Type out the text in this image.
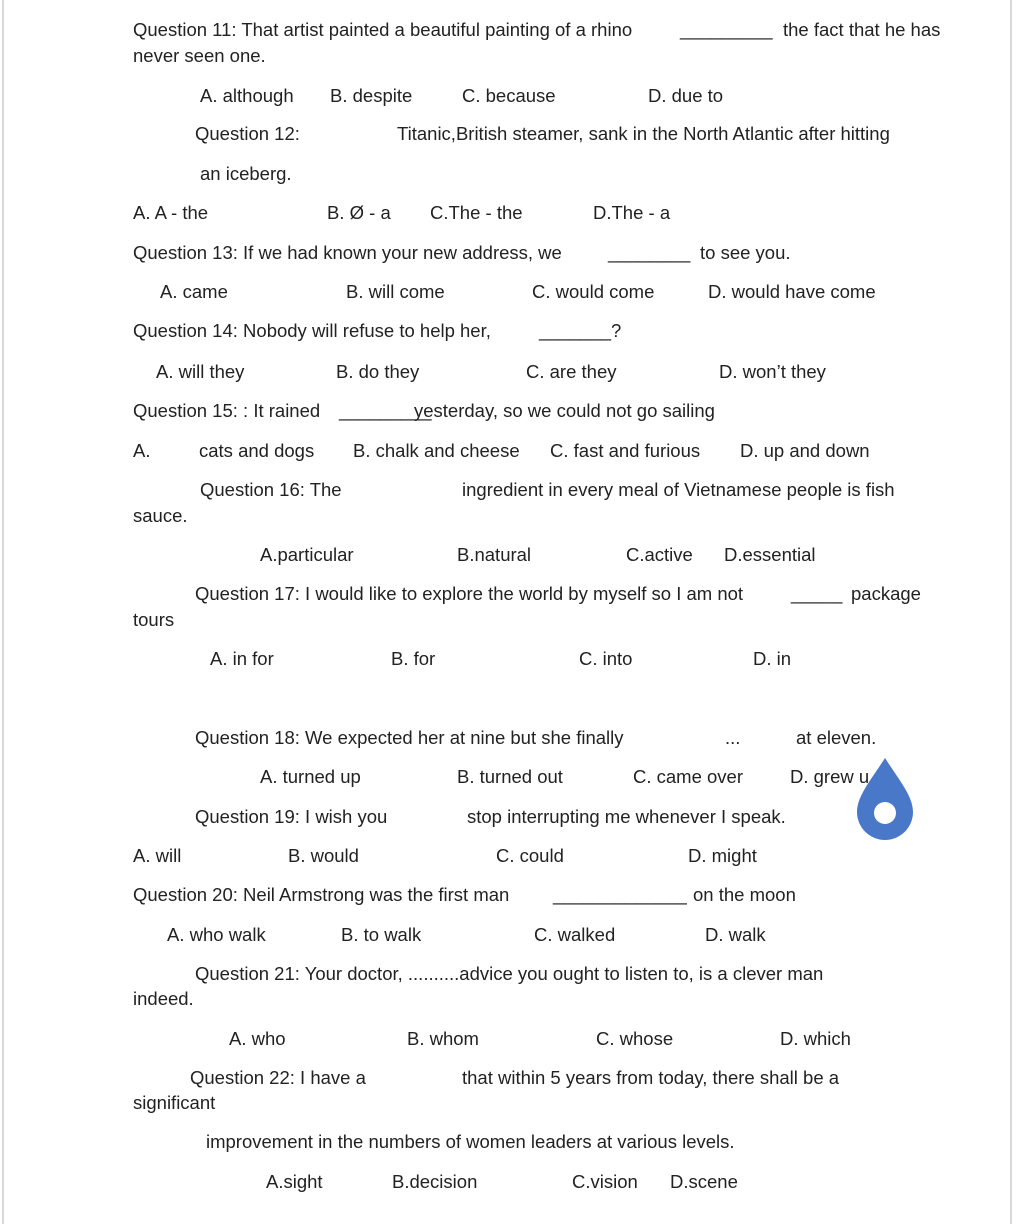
Question 11: That artist painted a beautiful painting of a rhino	_________ the fact that he has
never seen one.
A. although B. despite	C. because	D. due to
Question 12:	Titanic,British steamer, sank in the North Atlantic after hitting
an iceberg.
A. A - the	B. Ø - a C.The - the	D.The - a
Question 13: If we had known your new address, we ________ to see you.
A. came	B. will come	C. would come	D. would have come
Question 14: Nobody will refuse to help her,	_______?
A. will they	B. do they	C. are they	D. won’t they
Question 15: : It rained _________
yesterday, so we could not go sailing
A.	cats and dogs B. chalk and cheese C. fast and furious D. up and down
Question 16: The	ingredient in every meal of Vietnamese people is fish
sauce.
A.particular	B.natural	C.active D.essential
Question 17: I would like to explore the world by myself so I am not	_____ package
tours
A. in for	B. for	C. into	D. in
Question 18: We expected her at nine but she finally	...	at eleven.
A. turned up	B. turned out	C. came over	D. grew u
Question 19: I wish you	stop interrupting me whenever I speak.
A. will	B. would	C. could	D. might
Question 20: Neil Armstrong was the first man _____________ on the moon
A. who walk	B. to walk	C. walked	D. walk
Question 21: Your doctor, ..........advice you ought to listen to, is a clever man
indeed.
A. who	B. whom	C. whose	D. which
Question 22: I have a	that within 5 years from today, there shall be a
significant
improvement in the numbers of women leaders at various levels.
A.sight	B.decision	C.vision D.scene
